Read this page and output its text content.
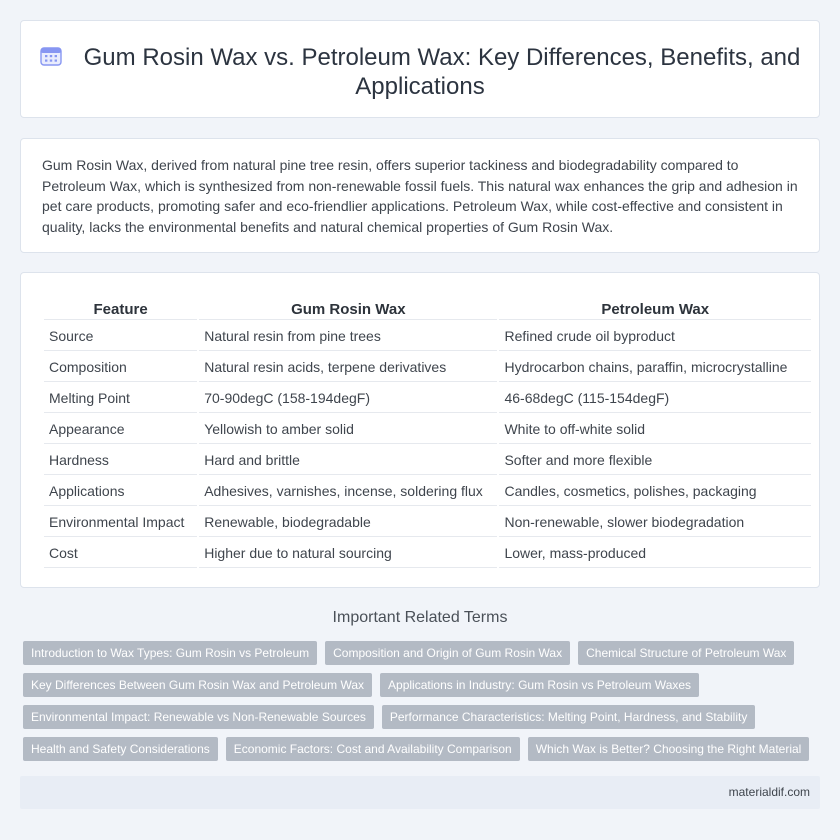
Gum Rosin Wax vs. Petroleum Wax: Key Differences, Benefits, and
Applications

Gum Rosin Wax, derived from natural pine tree resin, offers superior tackiness and biodegradability compared to Petroleum Wax, which is synthesized from non-renewable fossil fuels. This natural wax enhances the grip and adhesion in pet care products, promoting safer and eco-friendlier applications. Petroleum Wax, while cost-effective and consistent in quality, lacks the environmental benefits and natural chemical properties of Gum Rosin Wax.

Feature	Gum Rosin Wax	Petroleum Wax
Source	Natural resin from pine trees	Refined crude oil byproduct
Composition	Natural resin acids, terpene derivatives	Hydrocarbon chains, paraffin, microcrystalline
Melting Point	70-90degC (158-194degF)	46-68degC (115-154degF)
Appearance	Yellowish to amber solid	White to off-white solid
Hardness	Hard and brittle	Softer and more flexible
Applications	Adhesives, varnishes, incense, soldering flux	Candles, cosmetics, polishes, packaging
Environmental Impact	Renewable, biodegradable	Non-renewable, slower biodegradation
Cost	Higher due to natural sourcing	Lower, mass-produced
Important Related Terms
Introduction to Wax Types: Gum Rosin vs Petroleum	Composition and Origin of Gum Rosin Wax	Chemical Structure of Petroleum Wax
Key Differences Between Gum Rosin Wax and Petroleum Wax	Applications in Industry: Gum Rosin vs Petroleum Waxes
Environmental Impact: Renewable vs Non-Renewable Sources	Performance Characteristics: Melting Point, Hardness, and Stability
Health and Safety Considerations	Economic Factors: Cost and Availability Comparison	Which Wax is Better? Choosing the Right Material
materialdif.com
